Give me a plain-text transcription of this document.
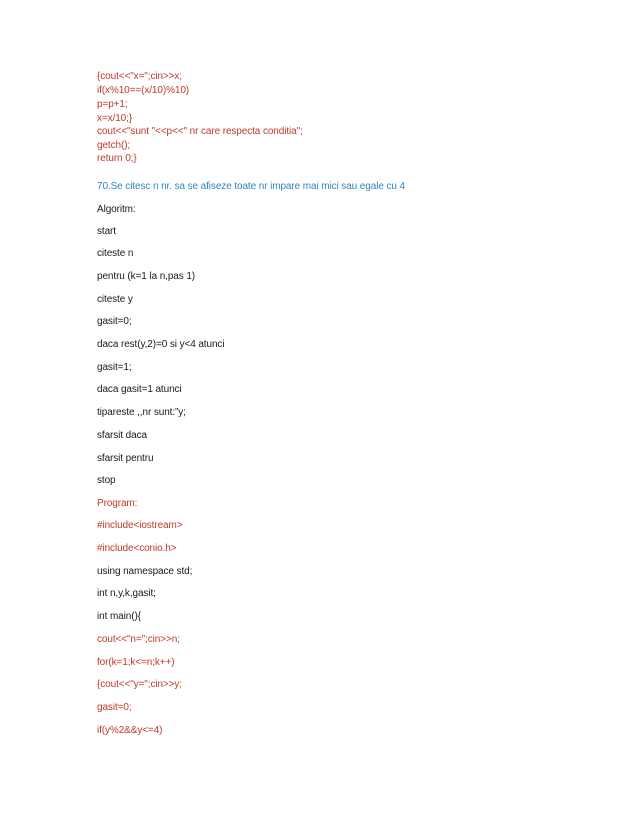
{cout<<"x=";cin>>x;
if(x%10==(x/10)%10)
p=p+1;
x=x/10;}
cout<<"sunt "<<p<<" nr care respecta conditia";
getch();
return 0;}
70.Se citesc n nr. sa se afiseze toate nr impare mai mici sau egale cu 4
Algoritm:
start
citeste n
pentru (k=1 la n,pas 1)
citeste y
gasit=0;
daca rest(y,2)=0 si y<4 atunci
gasit=1;
daca gasit=1 atunci
tipareste ,,nr sunt:”y;
sfarsit daca
sfarsit pentru
stop
Program:
#include<iostream>
#include<conio.h>
using namespace std;
int n,y,k,gasit;
int main(){
cout<<"n=";cin>>n;
for(k=1;k<=n;k++)
{cout<<"y=";cin>>y;
gasit=0;
if(y%2&&y<=4)
